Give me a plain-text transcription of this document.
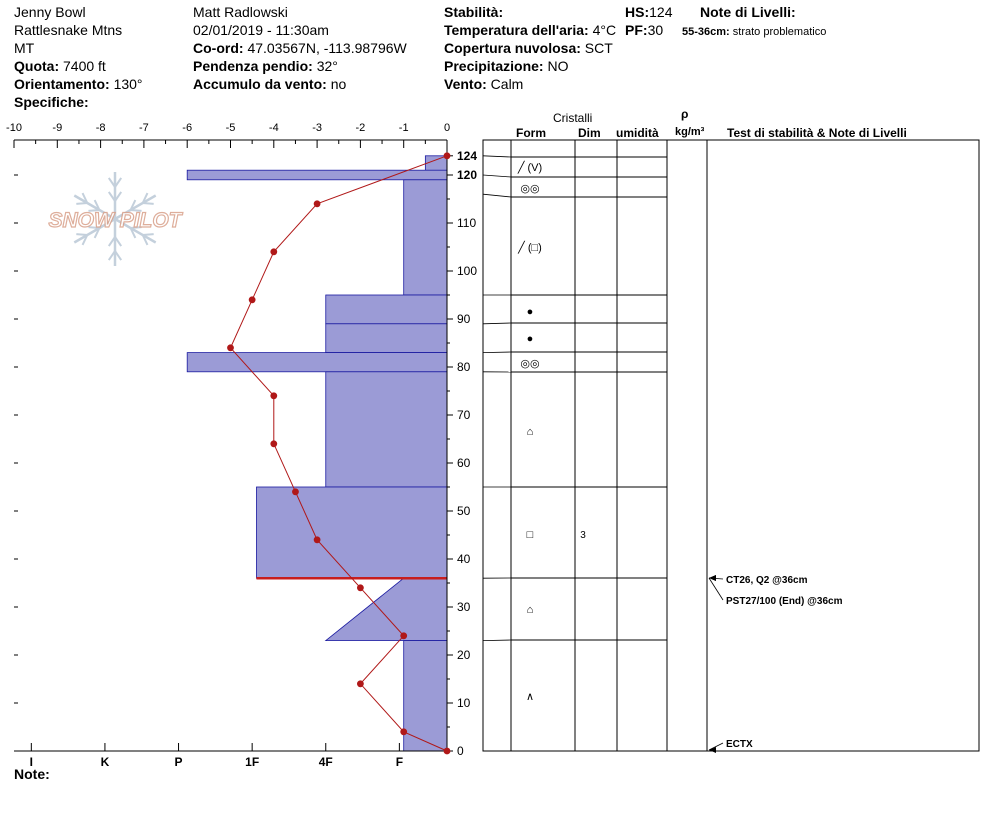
Jenny Bowl
Rattlesnake Mtns
MT
Quota: 7400 ft
Orientamento: 130°
Specifiche:
Matt Radlowski
02/01/2019 - 11:30am
Co-ord: 47.03567N, -113.98796W
Pendenza pendio: 32°
Accumulo da vento: no
Stabilità:
Temperatura dell'aria: 4°C
Copertura nuvolosa: SCT
Precipitazione: NO
Vento: Calm
HS:124
PF:30
Note di Livelli:
55-36cm: strato problematico
Cristalli
Form	Dim umidità
ρ
kg/m³ Test di stabilità & Note di Livelli
Note:
SNOW PILOT
-10	-9	-8	-7	-6	-5	-4	-3	-2	-1	0
I	K	P	1F	4F	F
0
10
20
30
40
50
60
70
80
90
100
110
120
124
╱ (V)
◎◎
╱ (□)
●
●
◎◎
⌂
□	3
⌂
∧
CT26, Q2 @36cm
PST27/100 (End) @36cm
ECTX
